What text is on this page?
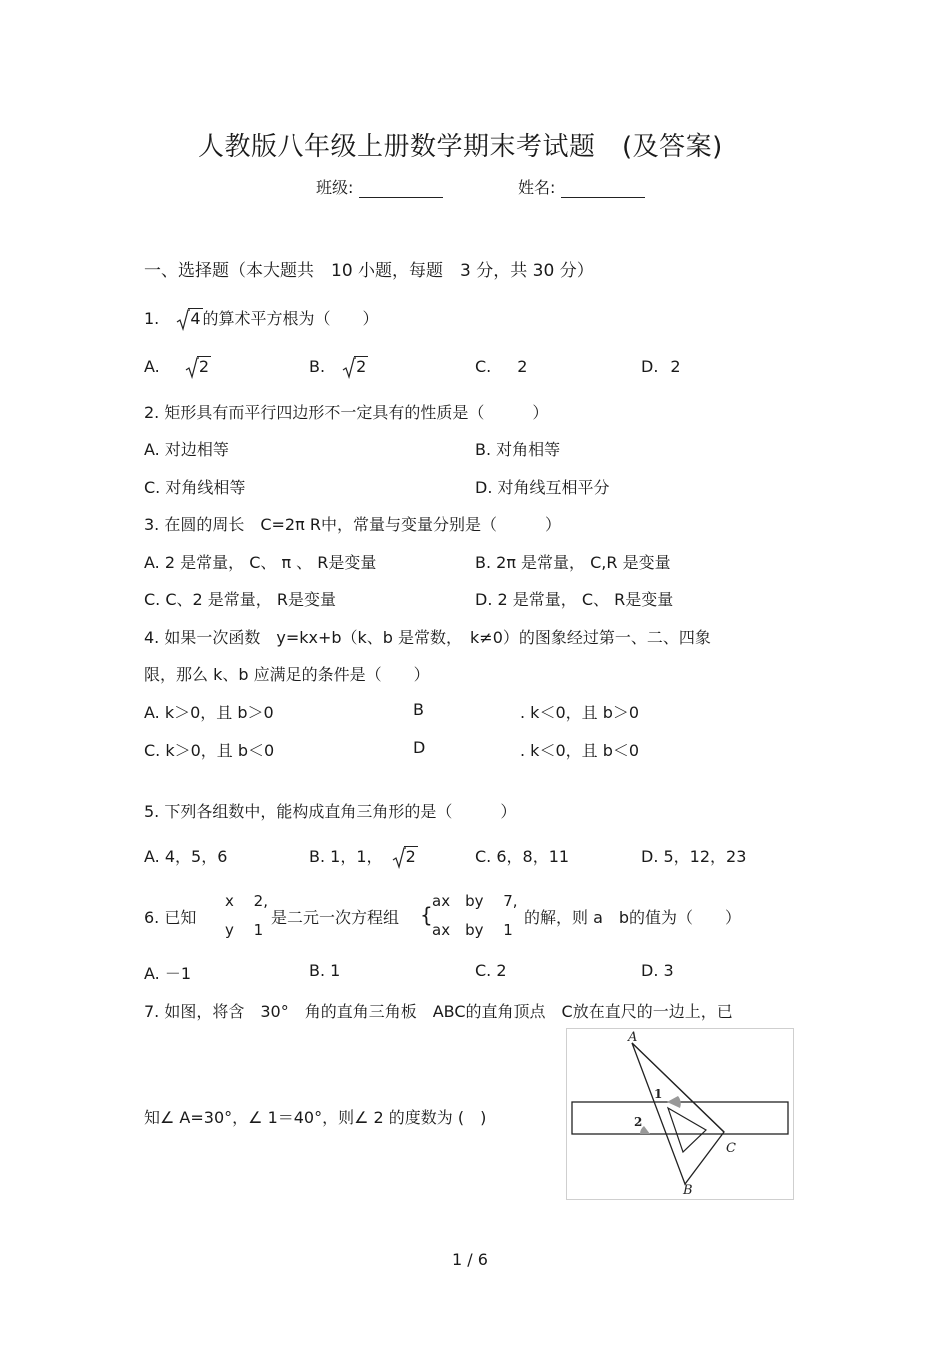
人教版八年级上册数学期末考试题　(及答案)
班级:	姓名:
一、选择题（本大题共　10 小题，每题　3 分，共 30 分）
1. 4 的算术平方根为（　　）
A. 2	B. 2	C. 2	D. 2
2. 矩形具有而平行四边形不一定具有的性质是（　　　）
A. 对边相等	B. 对角相等
C. 对角线相等	D. 对角线互相平分
3. 在圆的周长　C=2π R中，常量与变量分别是（　　　）
A. 2 是常量， C、 π 、 R是变量	B. 2π 是常量， C,R 是变量
C. C、2 是常量， R是变量	D. 2 是常量， C、 R是变量
4. 如果一次函数　y=kx+b（k、b 是常数，　k≠0）的图象经过第一、二、四象
限，那么 k、b 应满足的条件是（　　）
A. k＞0，且 b＞0	B	. k＜0，且 b＞0
C. k＞0，且 b＜0	D	. k＜0，且 b＜0
5. 下列各组数中，能构成直角三角形的是（　　　）
A. 4，5，6	B. 1，1， 2	C. 6，8，11	D. 5，12，23
6. 已知
x　 2,
y　 1
是二元一次方程组 {
ax　by　 7,
ax　by　 1
的解，则 a　b的值为（　　）
A. －1	B. 1	C. 2	D. 3
7. 如图，将含　30°　角的直角三角板　ABC的直角顶点　C放在直尺的一边上，已
知∠ A=30°，∠ 1＝40°，则∠ 2 的度数为 (　)
A
B
C
1
2
1 / 6
